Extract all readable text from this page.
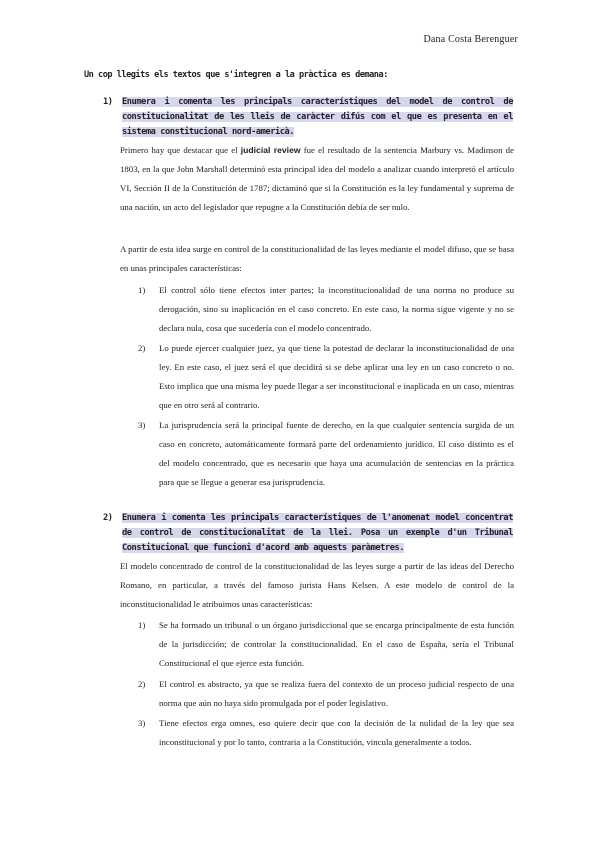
Dana Costa Berenguer
Un cop llegits els textos que s'integren a la pràctica es demana:
1) Enumera i comenta les principals característiques del model de control de constitucionalitat de les lleis de caràcter difús com el que es presenta en el sistema constitucional nord-americà.
Primero hay que destacar que el judicial review fue el resultado de la sentencia Marbury vs. Madinson de 1803, en la que John Marshall determinó esta principal idea del modelo a analizar cuando interpretó el artículo VI, Sección II de la Constitución de 1787; dictaminó que si la Constitución es la ley fundamental y suprema de una nación, un acto del legislador que repugne a la Constitución debía de ser nulo.
A partir de esta idea surge en control de la constitucionalidad de las leyes mediante el model difuso, que se basa en unas principales características:
1) El control sólo tiene efectos inter partes; la inconstitucionalidad de una norma no produce su derogación, sino su inaplicación en el caso concreto. En este caso, la norma sigue vigente y no se declara nula, cosa que sucedería con el modelo concentrado.
2) Lo puede ejercer cualquier juez, ya que tiene la potestad de declarar la inconstitucionalidad de una ley. En este caso, el juez será el que decidirá si se debe aplicar una ley en un caso concreto o no. Esto implica que una misma ley puede llegar a ser inconstitucional e inaplicada en un caso, mientras que en otro será al contrario.
3) La jurisprudencia será la principal fuente de derecho, en la que cualquier sentencia surgida de un caso en concreto, automáticamente formará parte del ordenamiento jurídico. El caso distinto es el del modelo concentrado, que es necesario que haya una acumulación de sentencias en la práctica para que se llegue a generar esa jurisprudencia.
2) Enumera i comenta les principals característiques de l'anomenat model concentrat de control de constitucionalitat de la llei. Posa un exemple d'un Tribunal Constitucional que funcioni d'acord amb aquests paràmetres.
El modelo concentrado de control de la constitucionalidad de las leyes surge a partir de las ideas del Derecho Romano, en particular, a través del famoso jurista Hans Kelsen. A este modelo de control de la inconstitucionalidad le atribuimos unas características:
1) Se ha formado un tribunal o un órgano jurisdiccional que se encarga principalmente de esta función de la jurisdicción; de controlar la constitucionalidad. En el caso de España, sería el Tribunal Constitucional el que ejerce esta función.
2) El control es abstracto, ya que se realiza fuera del contexto de un proceso judicial respecto de una norma que aún no haya sido promulgada por el poder legislativo.
3) Tiene efectos erga omnes, eso quiere decir que con la decisión de la nulidad de la ley que sea inconstitucional y por lo tanto, contraria a la Constitución, vincula generalmente a todos.
